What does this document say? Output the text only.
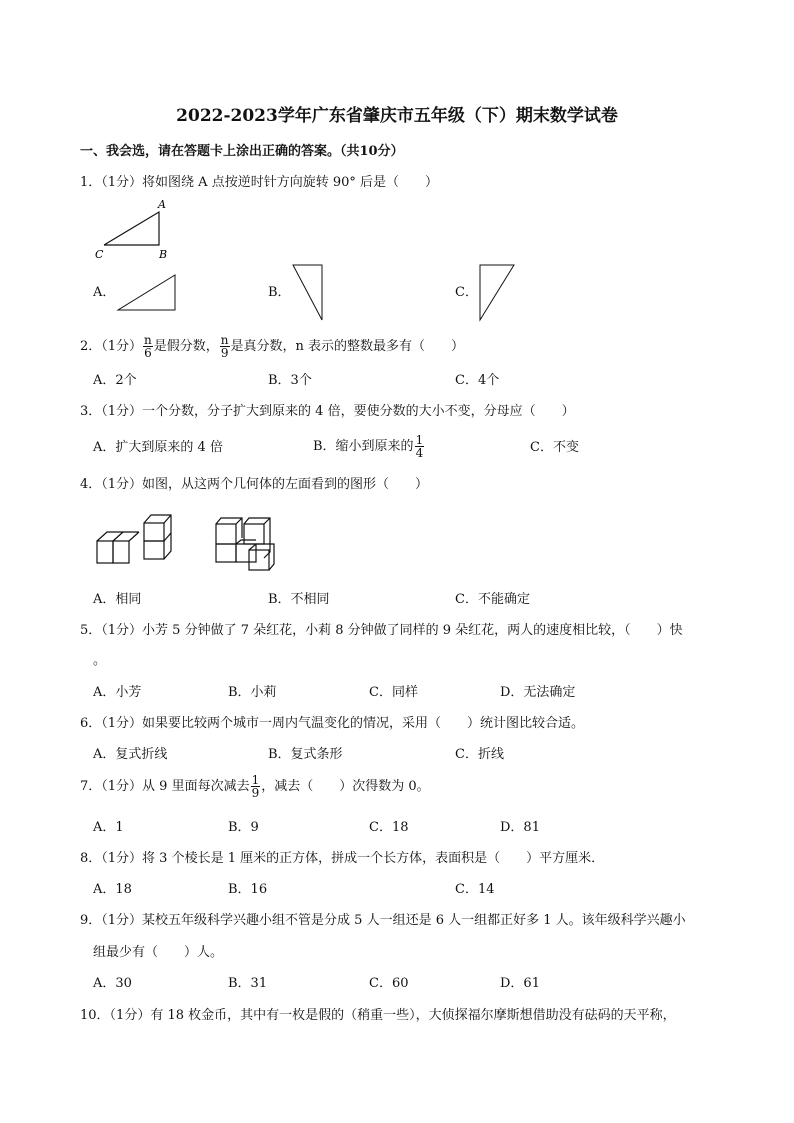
2022-2023学年广东省肇庆市五年级（下）期末数学试卷
一、我会选，请在答题卡上涂出正确的答案。（共10分）
1．（1分）将如图绕 A 点按逆时针方向旋转 90° 后是（　　）
A
B
C
A．	B．	C．
2．（1分） $\frac{n}{6}$ 是假分数， $\frac{n}{9}$ 是真分数，n 表示的整数最多有（　　）
A．2个	B．3个	C．4个
3．（1分）一个分数，分子扩大到原来的 4 倍，要使分数的大小不变，分母应（　　）
A．扩大到原来的 4 倍	B．缩小到原来的 $\frac{1}{4}$	C．不变
4．（1分）如图，从这两个几何体的左面看到的图形（　　）
A．相同	B．不相同	C．不能确定
5．（1分）小芳 5 分钟做了 7 朵红花，小莉 8 分钟做了同样的 9 朵红花，两人的速度相比较，（　　）快
。
A．小芳	B．小莉	C．同样	D．无法确定
6．（1分）如果要比较两个城市一周内气温变化的情况，采用（　　）统计图比较合适。
A．复式折线	B．复式条形	C．折线
7．（1分）从 9 里面每次减去 $\frac{1}{9}$ ，减去（　　）次得数为 0。
A．1	B．9	C．18	D．81
8．（1分）将 3 个棱长是 1 厘米的正方体，拼成一个长方体，表面积是（　　）平方厘米．
A．18	B．16	C．14
9．（1分）某校五年级科学兴趣小组不管是分成 5 人一组还是 6 人一组都正好多 1 人。该年级科学兴趣小
组最少有（　　）人。
A．30	B．31	C．60	D．61
10．（1分）有 18 枚金币，其中有一枚是假的（稍重一些），大侦探福尔摩斯想借助没有砝码的天平称，
